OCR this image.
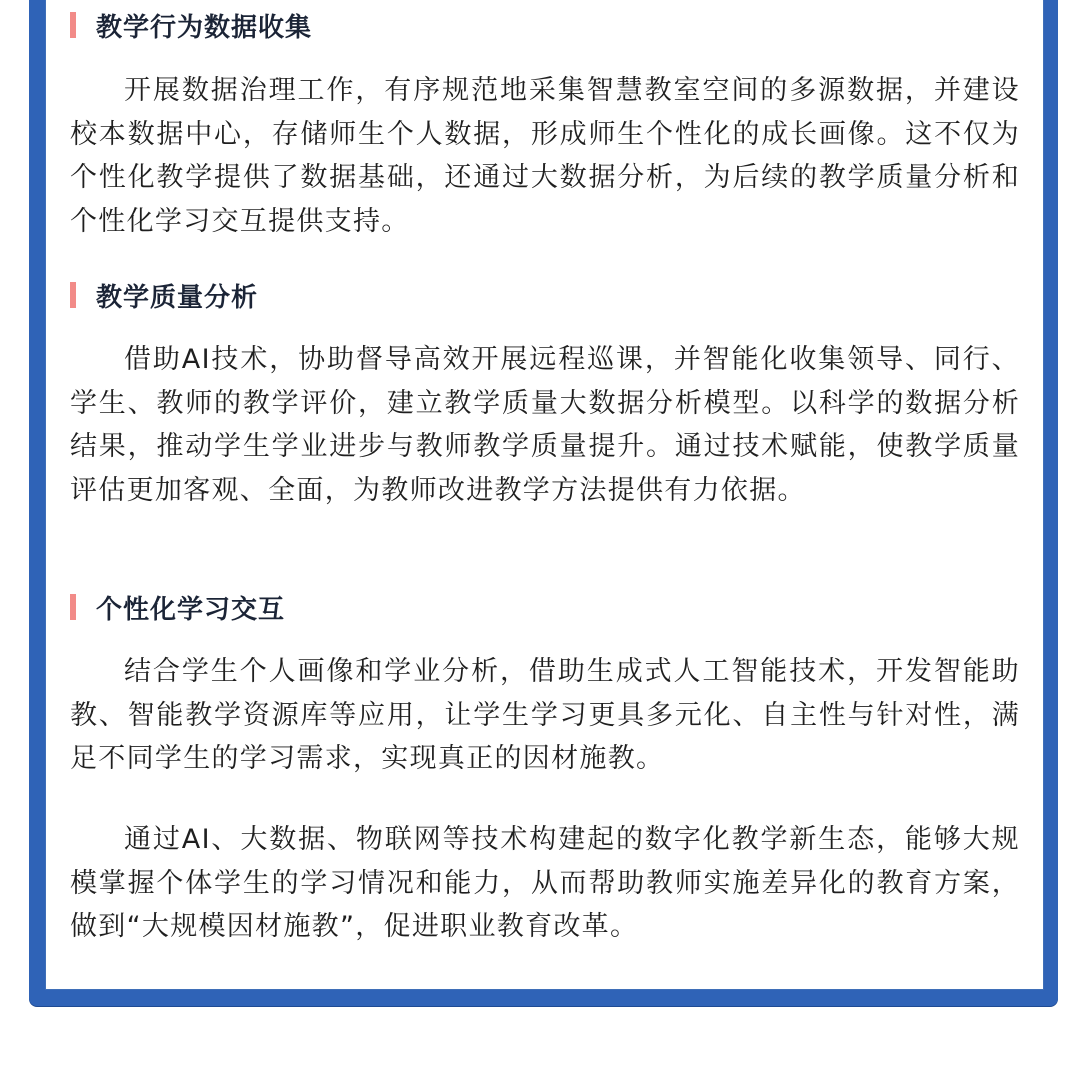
教学行为数据收集

开展数据治理工作，有序规范地采集智慧教室空间的多源数据，并建设校本数据中心，存储师生个人数据，形成师生个性化的成长画像。这不仅为个性化教学提供了数据基础，还通过大数据分析，为后续的教学质量分析和个性化学习交互提供支持。

教学质量分析

借助AI技术，协助督导高效开展远程巡课，并智能化收集领导、同行、学生、教师的教学评价，建立教学质量大数据分析模型。以科学的数据分析结果，推动学生学业进步与教师教学质量提升。通过技术赋能，使教学质量评估更加客观、全面，为教师改进教学方法提供有力依据。

个性化学习交互

结合学生个人画像和学业分析，借助生成式人工智能技术，开发智能助教、智能教学资源库等应用，让学生学习更具多元化、自主性与针对性，满足不同学生的学习需求，实现真正的因材施教。

通过AI、大数据、物联网等技术构建起的数字化教学新生态，能够大规模掌握个体学生的学习情况和能力，从而帮助教师实施差异化的教育方案，做到“大规模因材施教”，促进职业教育改革。
